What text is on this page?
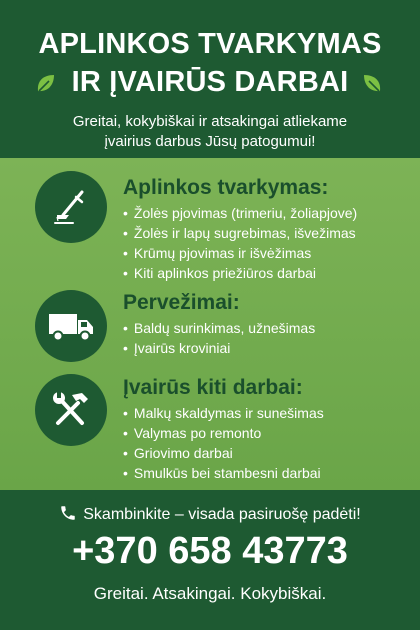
APLINKOS TVARKYMAS
IR ĮVAIRŪS DARBAI
Greitai, kokybiškai ir atsakingai atliekame
įvairius darbus Jūsų patogumui!
Aplinkos tvarkymas:
• Žolės pjovimas (trimeriu, žoliapjove)
• Žolės ir lapų sugrebimas, išvežimas
• Krūmų pjovimas ir išvėžimas
• Kiti aplinkos priežiūros darbai
Pervežimai:
• Baldų surinkimas, užnešimas
• Įvairūs kroviniai
Įvairūs kiti darbai:
• Malkų skaldymas ir sunešimas
• Valymas po remonto
• Griovimo darbai
• Smulkūs bei stambesni darbai
Skambinkite – visada pasiruošę padėti!
+370 658 43773
Greitai. Atsakingai. Kokybiškai.
